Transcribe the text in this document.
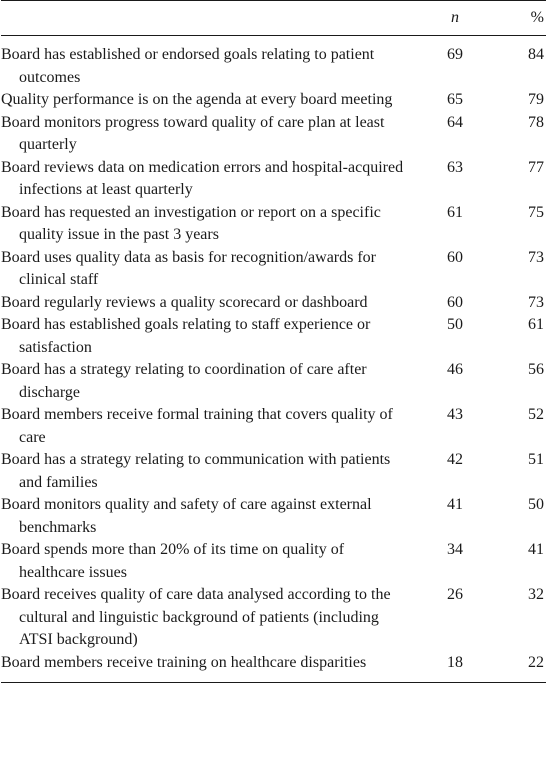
	n	%
Board has established or endorsed goals relating to patient outcomes	69	84
Quality performance is on the agenda at every board meeting	65	79
Board monitors progress toward quality of care plan at least quarterly	64	78
Board reviews data on medication errors and hospital-acquired infections at least quarterly	63	77
Board has requested an investigation or report on a specific quality issue in the past 3 years	61	75
Board uses quality data as basis for recognition/awards for clinical staff	60	73
Board regularly reviews a quality scorecard or dashboard	60	73
Board has established goals relating to staff experience or satisfaction	50	61
Board has a strategy relating to coordination of care after discharge	46	56
Board members receive formal training that covers quality of care	43	52
Board has a strategy relating to communication with patients and families	42	51
Board monitors quality and safety of care against external benchmarks	41	50
Board spends more than 20% of its time on quality of healthcare issues	34	41
Board receives quality of care data analysed according to the cultural and linguistic background of patients (including ATSI background)	26	32
Board members receive training on healthcare disparities	18	22
